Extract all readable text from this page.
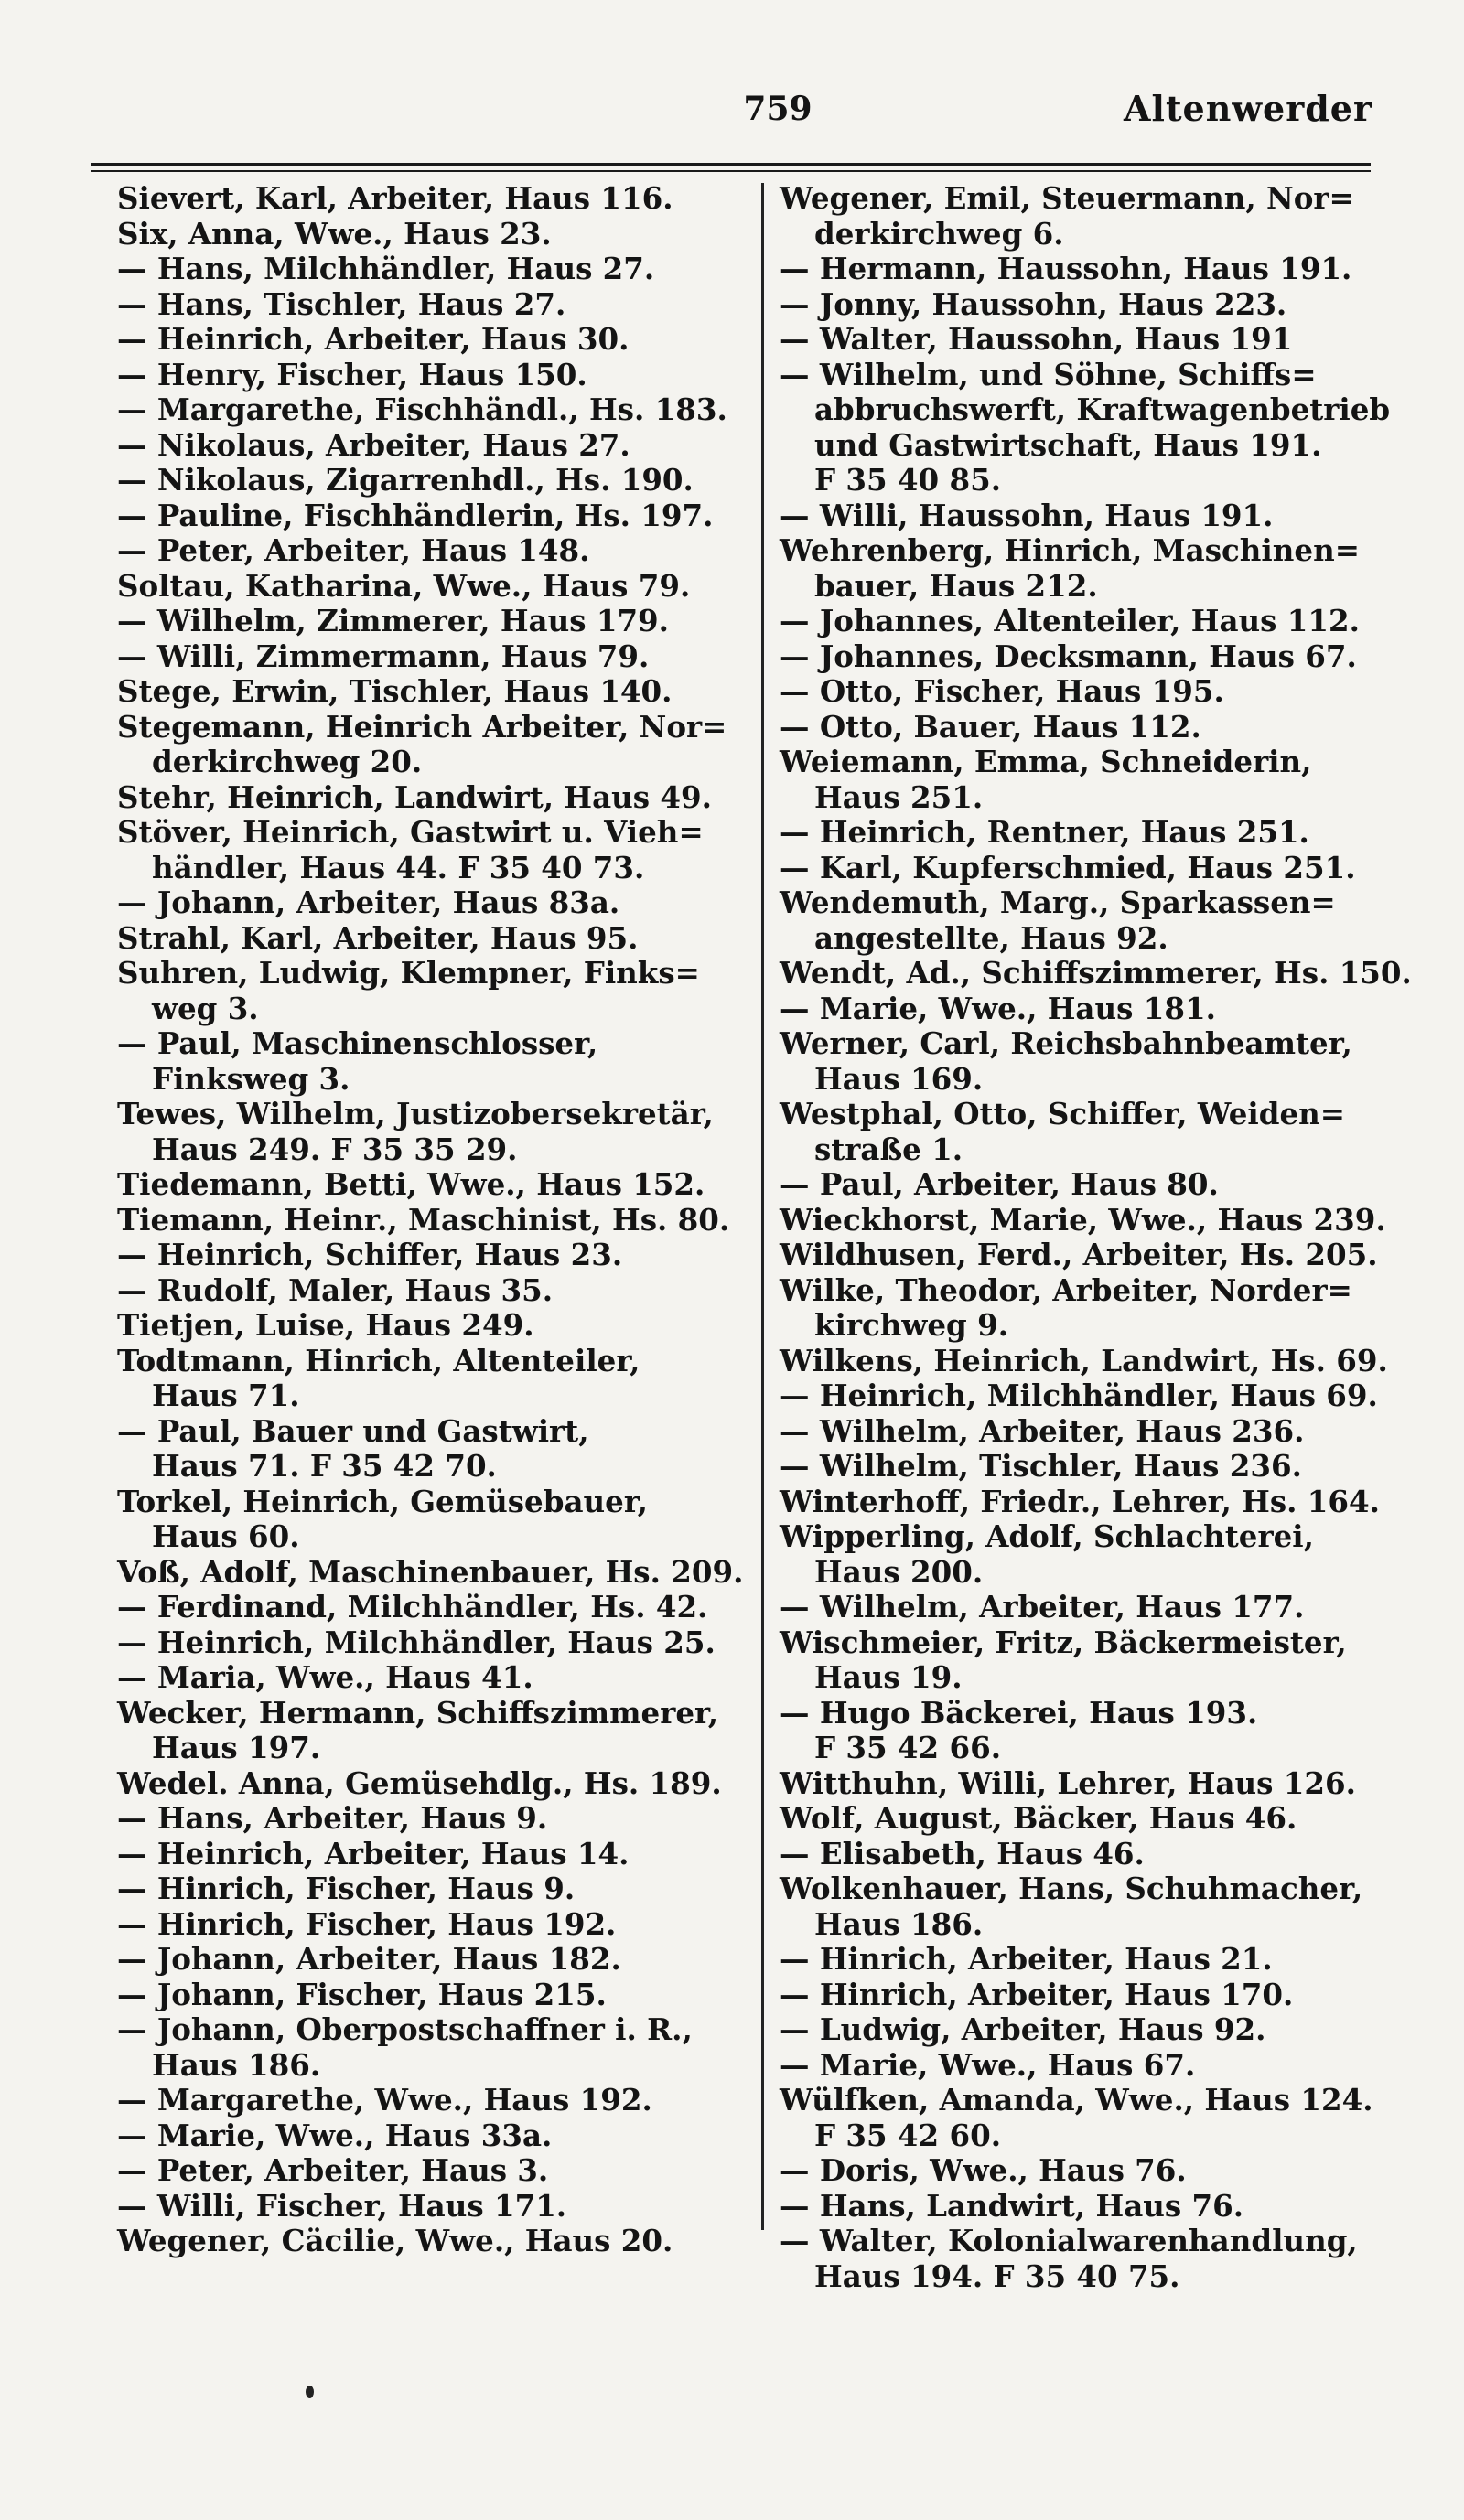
759	Altenwerder
Sievert, Karl, Arbeiter, Haus 116.
Six, Anna, Wwe., Haus 23.
— Hans, Milchhändler, Haus 27.
— Hans, Tischler, Haus 27.
— Heinrich, Arbeiter, Haus 30.
— Henry, Fischer, Haus 150.
— Margarethe, Fischhändl., Hs. 183.
— Nikolaus, Arbeiter, Haus 27.
— Nikolaus, Zigarrenhdl., Hs. 190.
— Pauline, Fischhändlerin, Hs. 197.
— Peter, Arbeiter, Haus 148.
Soltau, Katharina, Wwe., Haus 79.
— Wilhelm, Zimmerer, Haus 179.
— Willi, Zimmermann, Haus 79.
Stege, Erwin, Tischler, Haus 140.
Stegemann, Heinrich Arbeiter, Nor=
derkirchweg 20.
Stehr, Heinrich, Landwirt, Haus 49.
Stöver, Heinrich, Gastwirt u. Vieh=
händler, Haus 44. F 35 40 73.
— Johann, Arbeiter, Haus 83a.
Strahl, Karl, Arbeiter, Haus 95.
Suhren, Ludwig, Klempner, Finks=
weg 3.
— Paul, Maschinenschlosser,
Finksweg 3.
Tewes, Wilhelm, Justizobersekretär,
Haus 249. F 35 35 29.
Tiedemann, Betti, Wwe., Haus 152.
Tiemann, Heinr., Maschinist, Hs. 80.
— Heinrich, Schiffer, Haus 23.
— Rudolf, Maler, Haus 35.
Tietjen, Luise, Haus 249.
Todtmann, Hinrich, Altenteiler,
Haus 71.
— Paul, Bauer und Gastwirt,
Haus 71. F 35 42 70.
Torkel, Heinrich, Gemüsebauer,
Haus 60.
Voß, Adolf, Maschinenbauer, Hs. 209.
— Ferdinand, Milchhändler, Hs. 42.
— Heinrich, Milchhändler, Haus 25.
— Maria, Wwe., Haus 41.
Wecker, Hermann, Schiffszimmerer,
Haus 197.
Wedel. Anna, Gemüsehdlg., Hs. 189.
— Hans, Arbeiter, Haus 9.
— Heinrich, Arbeiter, Haus 14.
— Hinrich, Fischer, Haus 9.
— Hinrich, Fischer, Haus 192.
— Johann, Arbeiter, Haus 182.
— Johann, Fischer, Haus 215.
— Johann, Oberpostschaffner i. R.,
Haus 186.
— Margarethe, Wwe., Haus 192.
— Marie, Wwe., Haus 33a.
— Peter, Arbeiter, Haus 3.
— Willi, Fischer, Haus 171.
Wegener, Cäcilie, Wwe., Haus 20.
Wegener, Emil, Steuermann, Nor=
derkirchweg 6.
— Hermann, Haussohn, Haus 191.
— Jonny, Haussohn, Haus 223.
— Walter, Haussohn, Haus 191
— Wilhelm, und Söhne, Schiffs=
abbruchswerft, Kraftwagenbetrieb
und Gastwirtschaft, Haus 191.
F 35 40 85.
— Willi, Haussohn, Haus 191.
Wehrenberg, Hinrich, Maschinen=
bauer, Haus 212.
— Johannes, Altenteiler, Haus 112.
— Johannes, Decksmann, Haus 67.
— Otto, Fischer, Haus 195.
— Otto, Bauer, Haus 112.
Weiemann, Emma, Schneiderin,
Haus 251.
— Heinrich, Rentner, Haus 251.
— Karl, Kupferschmied, Haus 251.
Wendemuth, Marg., Sparkassen=
angestellte, Haus 92.
Wendt, Ad., Schiffszimmerer, Hs. 150.
— Marie, Wwe., Haus 181.
Werner, Carl, Reichsbahnbeamter,
Haus 169.
Westphal, Otto, Schiffer, Weiden=
straße 1.
— Paul, Arbeiter, Haus 80.
Wieckhorst, Marie, Wwe., Haus 239.
Wildhusen, Ferd., Arbeiter, Hs. 205.
Wilke, Theodor, Arbeiter, Norder=
kirchweg 9.
Wilkens, Heinrich, Landwirt, Hs. 69.
— Heinrich, Milchhändler, Haus 69.
— Wilhelm, Arbeiter, Haus 236.
— Wilhelm, Tischler, Haus 236.
Winterhoff, Friedr., Lehrer, Hs. 164.
Wipperling, Adolf, Schlachterei,
Haus 200.
— Wilhelm, Arbeiter, Haus 177.
Wischmeier, Fritz, Bäckermeister,
Haus 19.
— Hugo Bäckerei, Haus 193.
F 35 42 66.
Witthuhn, Willi, Lehrer, Haus 126.
Wolf, August, Bäcker, Haus 46.
— Elisabeth, Haus 46.
Wolkenhauer, Hans, Schuhmacher,
Haus 186.
— Hinrich, Arbeiter, Haus 21.
— Hinrich, Arbeiter, Haus 170.
— Ludwig, Arbeiter, Haus 92.
— Marie, Wwe., Haus 67.
Wülfken, Amanda, Wwe., Haus 124.
F 35 42 60.
— Doris, Wwe., Haus 76.
— Hans, Landwirt, Haus 76.
— Walter, Kolonialwarenhandlung,
Haus 194. F 35 40 75.
